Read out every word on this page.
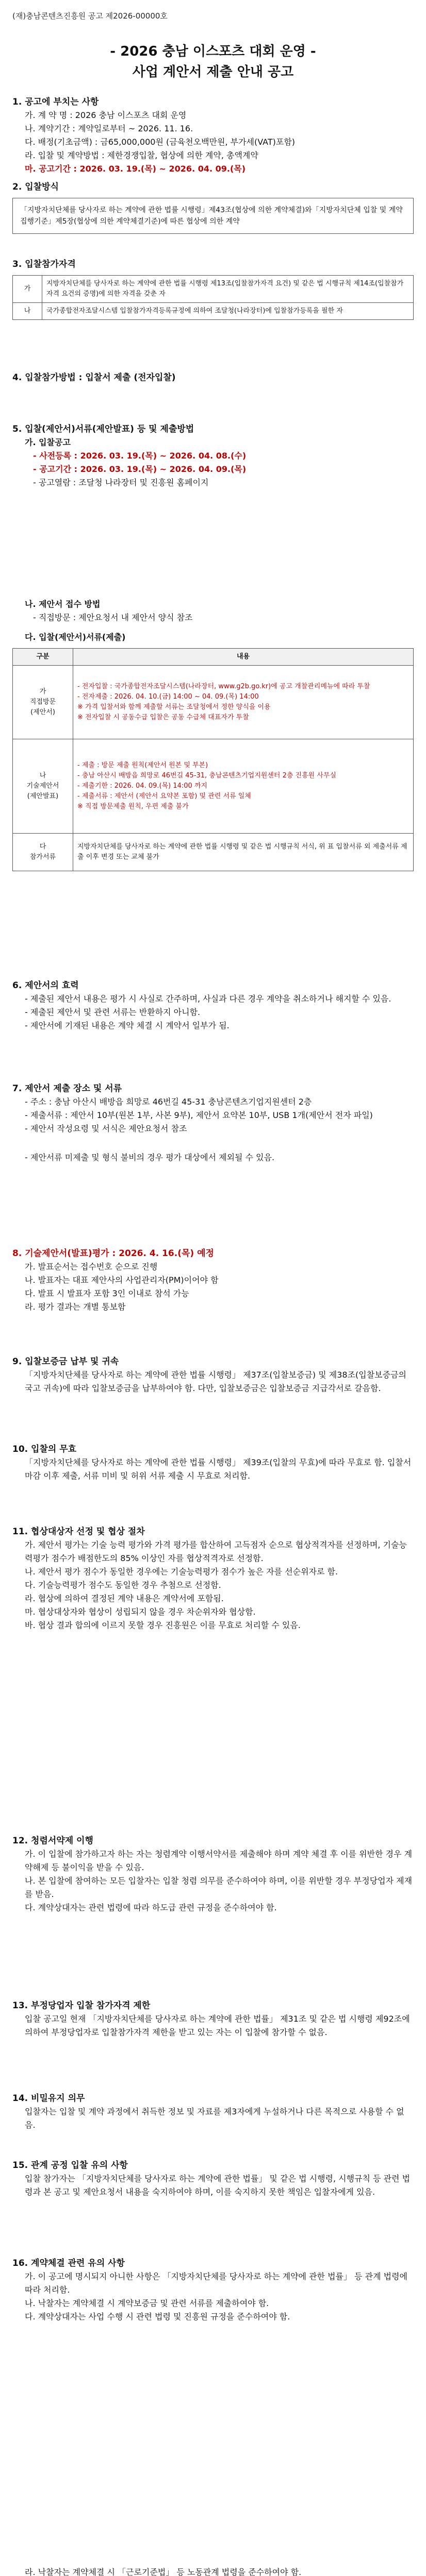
(재)충남콘텐츠진흥원 공고 제2026-00000호
- 2026 충남 이스포츠 대회 운영 -
사업 계안서 제출 안내 공고

1. 공고에 부치는 사항

가. 계 약 명 : 2026 충남 이스포츠 대회 운영

나. 계약기간 : 계약일로부터 ~ 2026. 11. 16.

다. 배정(기초금액) : 금65,000,000원 (금육천오백만원, 부가세(VAT)포함)

라. 입찰 및 계약방법 : 제한경쟁입찰, 협상에 의한 계약, 총액계약

마. 공고기간 : 2026. 03. 19.(목) ~ 2026. 04. 09.(목)

2. 입찰방식

「지방자치단체를 당사자로 하는 계약에 관한 법률 시행령」제43조(협상에 의한 계약체결)와「지방자치단체 입찰 및 계약 집행기준」제5장(협상에 의한 계약체결기준)에 따른 협상에 의한 계약

3. 입찰참가자격

가	지방자치단체를 당사자로 하는 계약에 관한 법률 시행령 제13조(입찰참가자격 요건) 및 같은 법 시행규칙 제14조(입찰참가자격 요건의 증명)에 의한 자격을 갖춘 자
나	국가종합전자조달시스템 입찰참가자격등록규정에 의하여 조달청(나라장터)에 입찰참가등록을 필한 자

4. 입찰참가방법 : 입찰서 제출 (전자입찰)

5. 입찰(제안서)서류(제안발표) 등 및 제출방법

가. 입찰공고

- 사전등록 : 2026. 03. 19.(목) ~ 2026. 04. 08.(수)

- 공고기간 : 2026. 03. 19.(목) ~ 2026. 04. 09.(목)

- 공고열람 : 조달청 나라장터 및 진흥원 홈페이지

나. 제안서 접수 방법

- 직접방문 : 제안요청서 내 제안서 양식 참조

다. 입찰(제안서)서류(제출)

구분	내용
가
직접방문
(제안서)	- 전자입찰 : 국가종합전자조달시스템(나라장터, www.g2b.go.kr)에 공고 개찰관리메뉴에 따라 투찰
- 전자제출 : 2026. 04. 10.(금) 14:00 ~ 04. 09.(목) 14:00
※ 가격 입찰서와 함께 제출할 서류는 조달청에서 정한 양식을 이용
※ 전자입찰 시 공동수급 입찰은 공동 수급체 대표자가 투찰
나
기술제안서
(제안발표)	- 제출 : 방문 제출 원칙(제안서 원본 및 부본)
- 충남 아산시 배방읍 희망로 46번길 45-31, 충남콘텐츠기업지원센터 2층 진흥원 사무실
- 제출기한 : 2026. 04. 09.(목) 14:00 까지
- 제출서류 : 제안서 (제안서 요약본 포함) 및 관련 서류 일체
※ 직접 방문제출 원칙, 우편 제출 불가
다
참가서류	지방자치단체를 당사자로 하는 계약에 관한 법률 시행령 및 같은 법 시행규칙 서식, 위 표 입찰서류 외 제출서류 제출 이후 변경 또는 교체 불가

6. 제안서의 효력

- 제출된 제안서 내용은 평가 시 사실로 간주하며, 사실과 다른 경우 계약을 취소하거나 해지할 수 있음.

- 제출된 제안서 및 관련 서류는 반환하지 아니함.

- 제안서에 기재된 내용은 계약 체결 시 계약서 일부가 됨.

7. 제안서 제출 장소 및 서류

- 주소 : 충남 아산시 배방읍 희망로 46번길 45-31 충남콘텐츠기업지원센터 2층

- 제출서류 : 제안서 10부(원본 1부, 사본 9부), 제안서 요약본 10부, USB 1개(제안서 전자 파일)

- 제안서 작성요령 및 서식은 제안요청서 참조

- 제안서류 미제출 및 형식 불비의 경우 평가 대상에서 제외될 수 있음.

8. 기술제안서(발표)평가 : 2026. 4. 16.(목) 예정

가. 발표순서는 접수번호 순으로 진행

나. 발표자는 대표 제안사의 사업관리자(PM)이어야 함

다. 발표 시 발표자 포함 3인 이내로 참석 가능

라. 평가 결과는 개별 통보함

9. 입찰보증금 납부 및 귀속

「지방자치단체를 당사자로 하는 계약에 관한 법률 시행령」 제37조(입찰보증금) 및 제38조(입찰보증금의 국고 귀속)에 따라 입찰보증금을 납부하여야 함. 다만, 입찰보증금은 입찰보증금 지급각서로 갈음함.

10. 입찰의 무효

「지방자치단체를 당사자로 하는 계약에 관한 법률 시행령」 제39조(입찰의 무효)에 따라 무효로 함. 입찰서 마감 이후 제출, 서류 미비 및 허위 서류 제출 시 무효로 처리함.

11. 협상대상자 선정 및 협상 절차

가. 제안서 평가는 기술 능력 평가와 가격 평가를 합산하여 고득점자 순으로 협상적격자를 선정하며, 기술능력평가 점수가 배점한도의 85% 이상인 자를 협상적격자로 선정함.

나. 제안서 평가 점수가 동일한 경우에는 기술능력평가 점수가 높은 자를 선순위자로 함.

다. 기술능력평가 점수도 동일한 경우 추첨으로 선정함.

라. 협상에 의하여 결정된 계약 내용은 계약서에 포함됨.

마. 협상대상자와 협상이 성립되지 않을 경우 차순위자와 협상함.

바. 협상 결과 합의에 이르지 못할 경우 진흥원은 이를 무효로 처리할 수 있음.

12. 청렴서약제 이행

가. 이 입찰에 참가하고자 하는 자는 청렴계약 이행서약서를 제출해야 하며 계약 체결 후 이를 위반한 경우 계약해제 등 불이익을 받을 수 있음.

나. 본 입찰에 참여하는 모든 입찰자는 입찰 청렴 의무를 준수하여야 하며, 이를 위반할 경우 부정당업자 제재를 받음.

다. 계약상대자는 관련 법령에 따라 하도급 관련 규정을 준수하여야 함.

13. 부정당업자 입찰 참가자격 제한

입찰 공고일 현재 「지방자치단체를 당사자로 하는 계약에 관한 법률」 제31조 및 같은 법 시행령 제92조에 의하여 부정당업자로 입찰참가자격 제한을 받고 있는 자는 이 입찰에 참가할 수 없음.

14. 비밀유지 의무

입찰자는 입찰 및 계약 과정에서 취득한 정보 및 자료를 제3자에게 누설하거나 다른 목적으로 사용할 수 없음.

15. 관계 공정 입찰 유의 사항

입찰 참가자는 「지방자치단체를 당사자로 하는 계약에 관한 법률」 및 같은 법 시행령, 시행규칙 등 관련 법령과 본 공고 및 제안요청서 내용을 숙지하여야 하며, 이를 숙지하지 못한 책임은 입찰자에게 있음.

16. 계약체결 관련 유의 사항

가. 이 공고에 명시되지 아니한 사항은 「지방자치단체를 당사자로 하는 계약에 관한 법률」 등 관계 법령에 따라 처리함.

나. 낙찰자는 계약체결 시 계약보증금 및 관련 서류를 제출하여야 함.

다. 계약상대자는 사업 수행 시 관련 법령 및 진흥원 규정을 준수하여야 함.

라. 낙찰자는 계약체결 시 「근로기준법」 등 노동관계 법령을 준수하여야 함.
